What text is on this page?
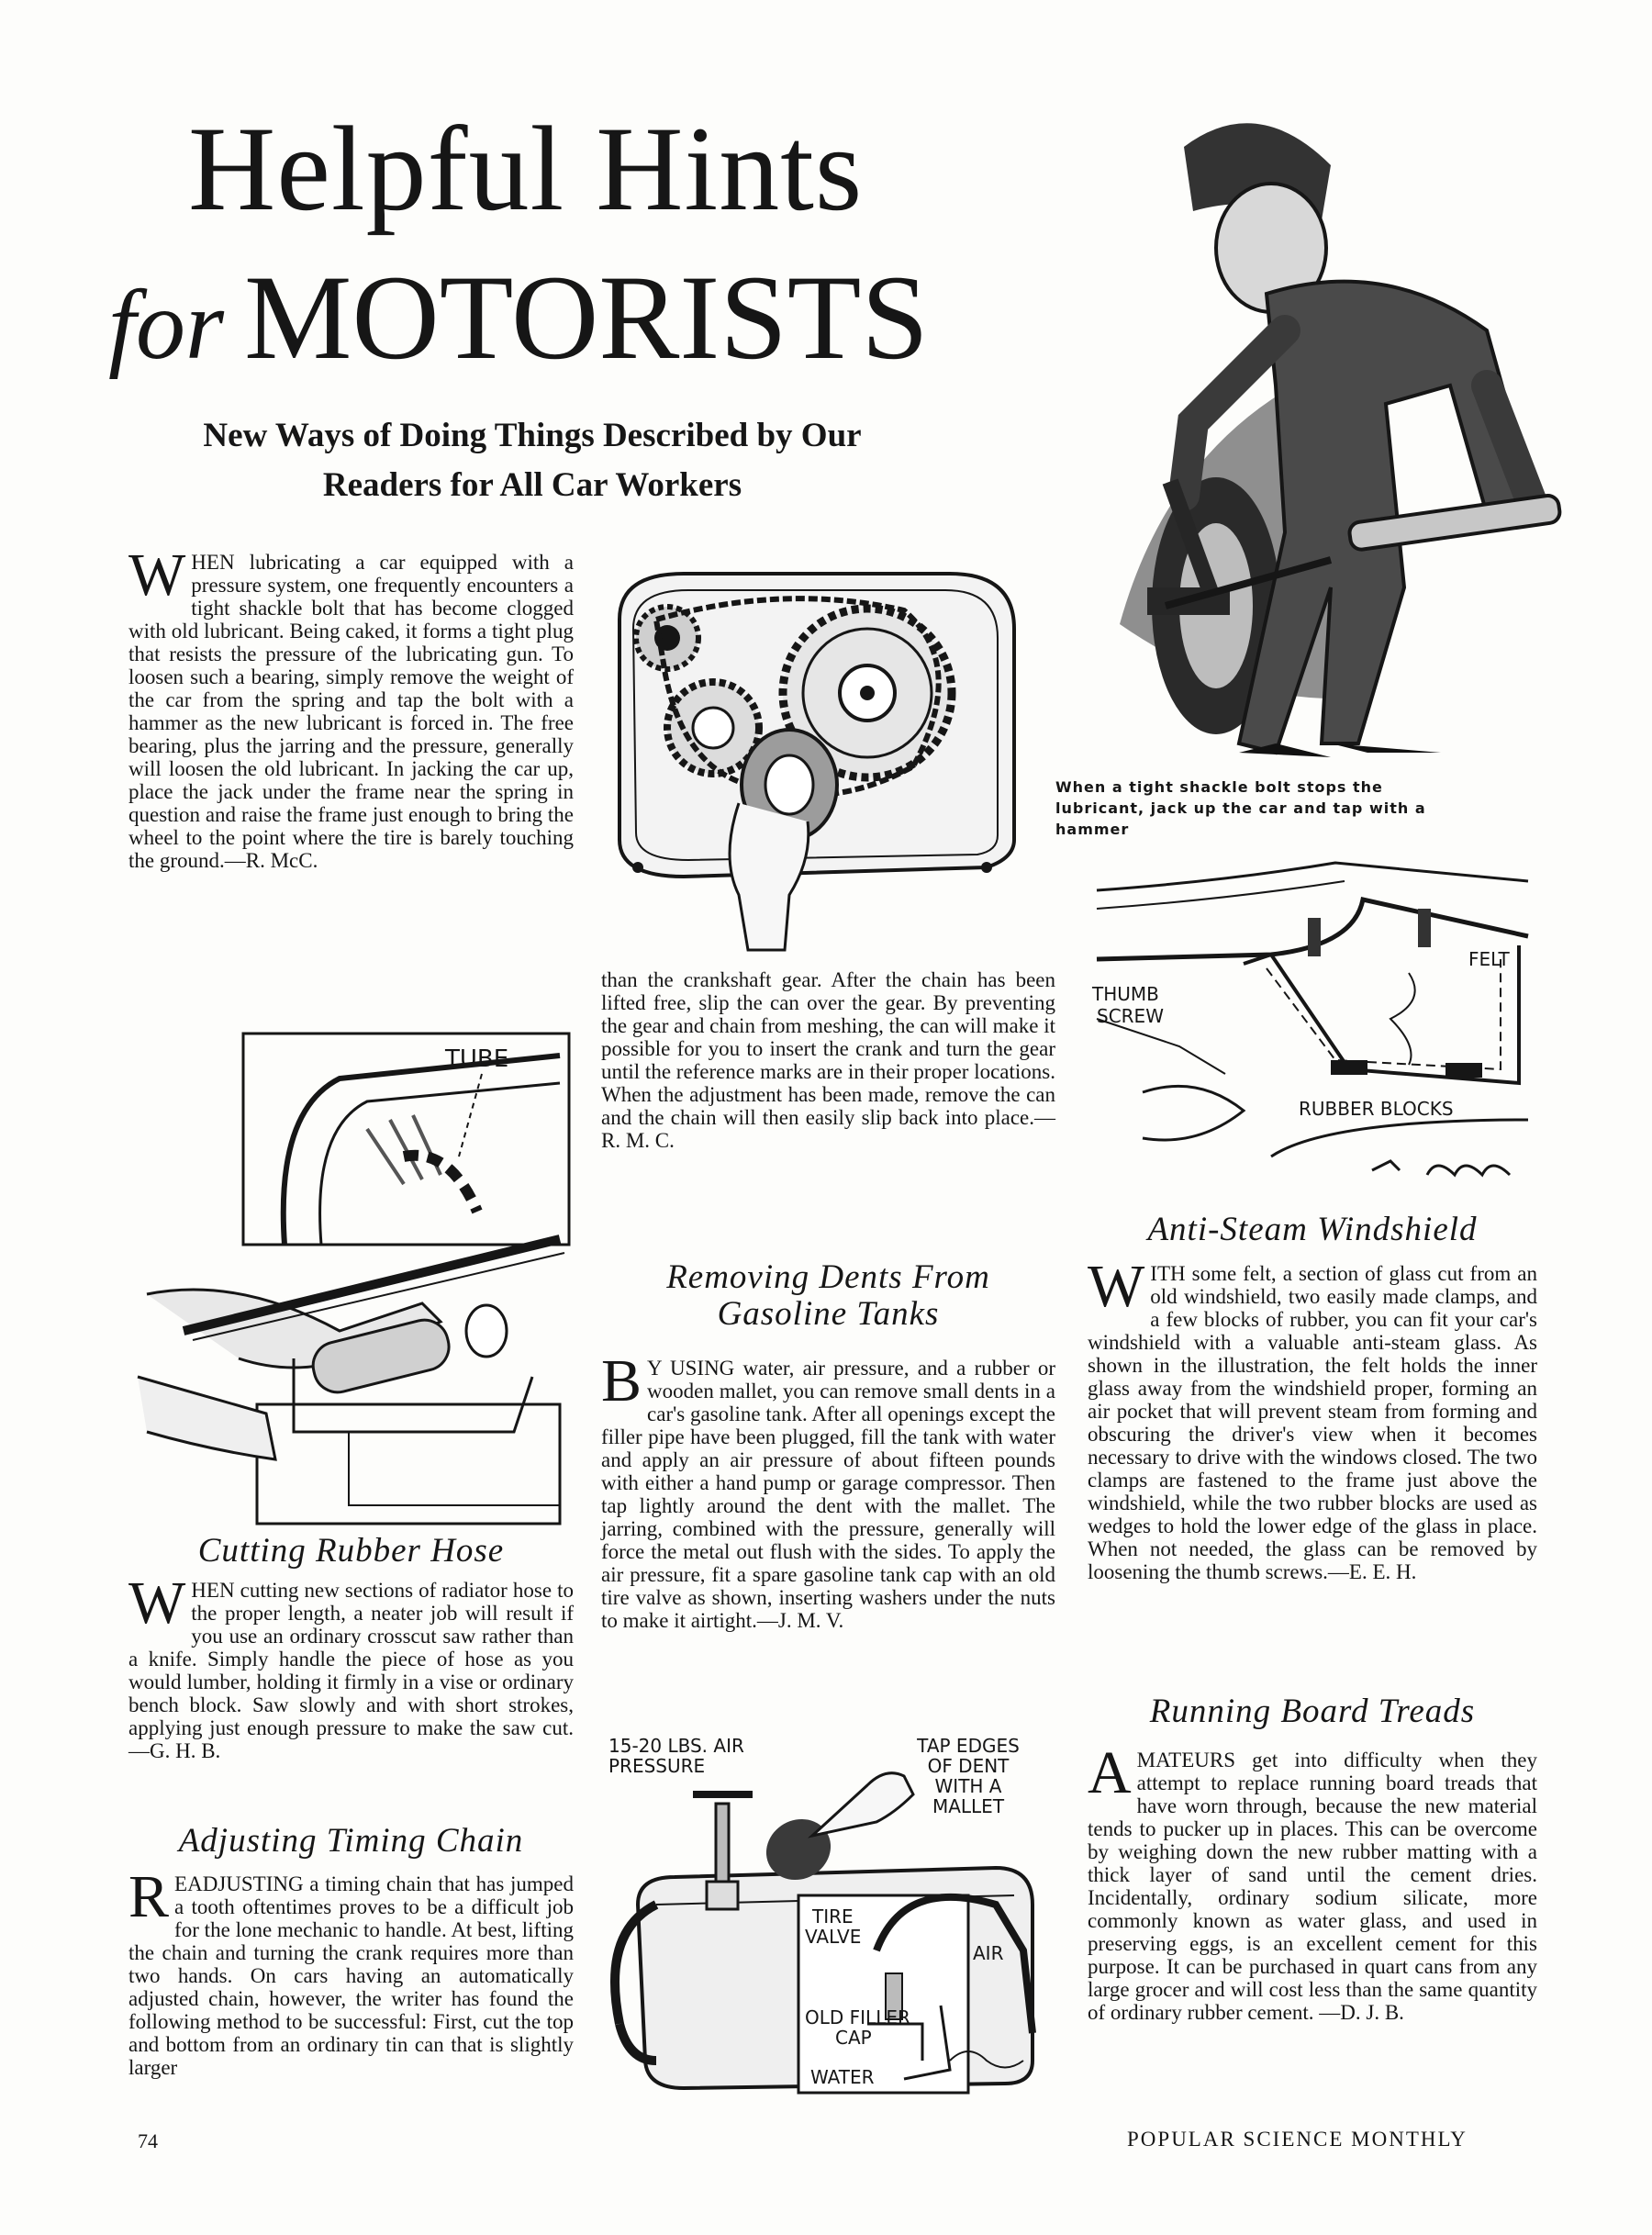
Helpful Hints
for MOTORISTS
New Ways of Doing Things Described by Our Readers for All Car Workers
When a tight shackle bolt stops the lubricant, jack up the car and tap with a hammer

WHEN lubricating a car equipped with a pressure system, one frequently encounters a tight shackle bolt that has become clogged with old lubricant. Being caked, it forms a tight plug that resists the pressure of the lubricating gun. To loosen such a bearing, simply remove the weight of the car from the spring and tap the bolt with a hammer as the new lubricant is forced in. The free bearing, plus the jarring and the pressure, generally will loosen the old lubricant. In jacking the car up, place the jack under the frame near the spring in question and raise the frame just enough to bring the wheel to the point where the tire is barely touching the ground.—R. McC.

TUBE
Cutting Rubber Hose

WHEN cutting new sections of radiator hose to the proper length, a neater job will result if you use an ordinary crosscut saw rather than a knife. Simply handle the piece of hose as you would lumber, holding it firmly in a vise or ordinary bench block. Saw slowly and with short strokes, applying just enough pressure to make the saw cut.—G. H. B.

Adjusting Timing Chain

READJUSTING a timing chain that has jumped a tooth oftentimes proves to be a difficult job for the lone mechanic to handle. At best, lifting the chain and turning the crank requires more than two hands. On cars having an automatically adjusted chain, however, the writer has found the following method to be successful: First, cut the top and bottom from an ordinary tin can that is slightly larger

than the crankshaft gear. After the chain has been lifted free, slip the can over the gear. By preventing the gear and chain from meshing, the can will make it possible for you to insert the crank and turn the gear until the reference marks are in their proper locations. When the adjustment has been made, remove the can and the chain will then easily slip back into place.—R. M. C.

Removing Dents From Gasoline Tanks

B Y USING water, air pressure, and a rubber or wooden mallet, you can remove small dents in a car's gasoline tank. After all openings except the filler pipe have been plugged, fill the tank with water and apply an air pressure of about fifteen pounds with either a hand pump or garage compressor. Then tap lightly around the dent with the mallet. The jarring, combined with the pressure, generally will force the metal out flush with the sides. To apply the air pressure, fit a spare gasoline tank cap with an old tire valve as shown, inserting washers under the nuts to make it airtight.—J. M. V.

15-20 LBS. AIR PRESSURE
TAP EDGES OF DENT WITH A MALLET
TIRE VALVE
AIR
OLD FILLER CAP
WATER
FELT
THUMB SCREW
RUBBER BLOCKS
Anti-Steam Windshield

WITH some felt, a section of glass cut from an old windshield, two easily made clamps, and a few blocks of rubber, you can fit your car's windshield with a valuable anti-steam glass. As shown in the illustration, the felt holds the inner glass away from the windshield proper, forming an air pocket that will prevent steam from forming and obscuring the driver's view when it becomes necessary to drive with the windows closed. The two clamps are fastened to the frame just above the windshield, while the two rubber blocks are used as wedges to hold the lower edge of the glass in place. When not needed, the glass can be removed by loosening the thumb screws.—E. E. H.

Running Board Treads

AMATEURS get into difficulty when they attempt to replace running board treads that have worn through, because the new material tends to pucker up in places. This can be overcome by weighing down the new rubber matting with a thick layer of sand until the cement dries. Incidentally, ordinary sodium silicate, more commonly known as water glass, and used in preserving eggs, is an excellent cement for this purpose. It can be purchased in quart cans from any large grocer and will cost less than the same quantity of ordinary rubber cement. —D. J. B.

74	POPULAR SCIENCE MONTHLY
